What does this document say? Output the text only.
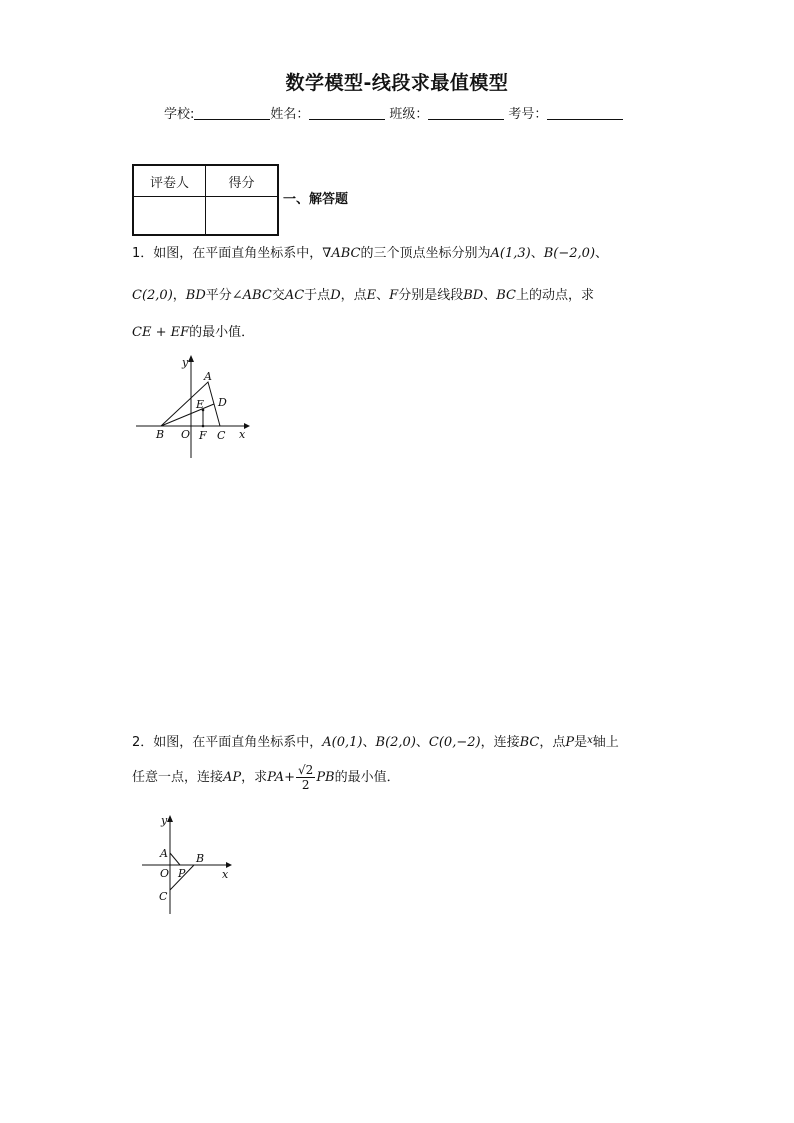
数学模型-线段求最值模型
学校:	姓名：	班级：	考号：
评卷人	得分

一、解答题
1．如图，在平面直角坐标系中，∇ABC的三个顶点坐标分别为A(1,3)、B(−2,0)、
C(2,0)，BD平分∠ABC交AC于点D，点E、F分别是线段BD、BC上的动点，求
CE + EF的最小值．
y
x
A
D
E
B O F C
2．如图，在平面直角坐标系中，A(0,1)、B(2,0)、C(0,−2)，连接BC，点P是$^x$轴上
任意一点，连接AP，求$PA+ \frac{√2}{2}$ PB的最小值．
y
x
A	B
O P
C
